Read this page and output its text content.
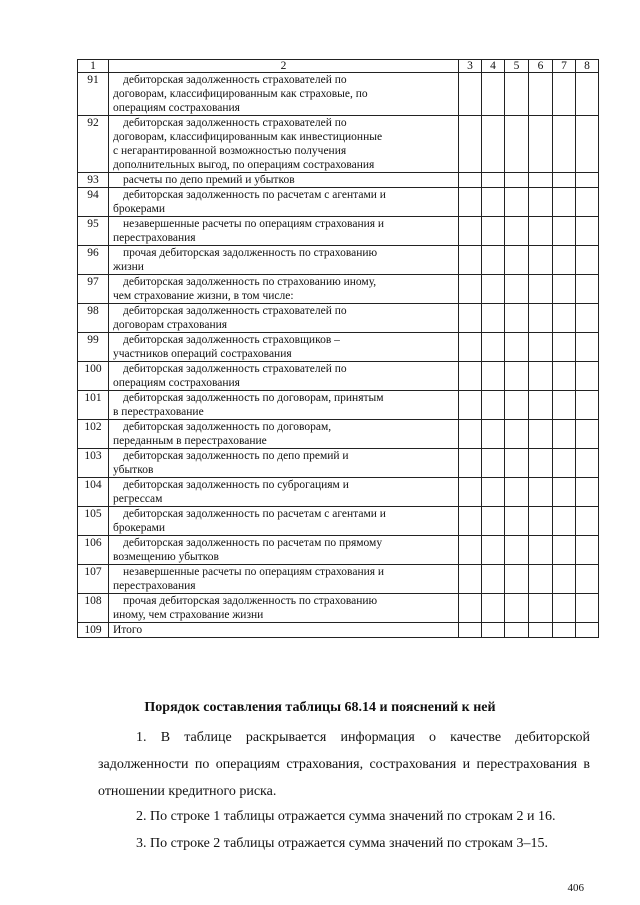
1	2	3	4	5	6	7	8
91	дебиторская задолженность страхователей по
договорам, классифицированным как страховые, по
операциям сострахования						

92	дебиторская задолженность страхователей по
договорам, классифицированным как инвестиционные
с негарантированной возможностью получения
дополнительных выгод, по операциям сострахования						

93	расчеты по депо премий и убытков						

94	дебиторская задолженность по расчетам с агентами и
брокерами						

95	незавершенные расчеты по операциям страхования и
перестрахования						

96	прочая дебиторская задолженность по страхованию
жизни						

97	дебиторская задолженность по страхованию иному,
чем страхование жизни, в том числе:						

98	дебиторская задолженность страхователей по
договорам страхования						

99	дебиторская задолженность страховщиков –
участников операций сострахования						

100	дебиторская задолженность страхователей по
операциям сострахования						

101	дебиторская задолженность по договорам, принятым
в перестрахование						

102	дебиторская задолженность по договорам,
переданным в перестрахование						

103	дебиторская задолженность по депо премий и
убытков						

104	дебиторская задолженность по суброгациям и
регрессам						

105	дебиторская задолженность по расчетам с агентами и
брокерами						

106	дебиторская задолженность по расчетам по прямому
возмещению убытков						

107	незавершенные расчеты по операциям страхования и
перестрахования						

108	прочая дебиторская задолженность по страхованию
иному, чем страхование жизни						

109	Итого						

Порядок составления таблицы 68.14 и пояснений к ней

1. В таблице раскрывается информация о качестве дебиторской задолженности по операциям страхования, сострахования и перестрахования в отношении кредитного риска.

2. По строке 1 таблицы отражается сумма значений по строкам 2 и 16.

3. По строке 2 таблицы отражается сумма значений по строкам 3–15.

406
